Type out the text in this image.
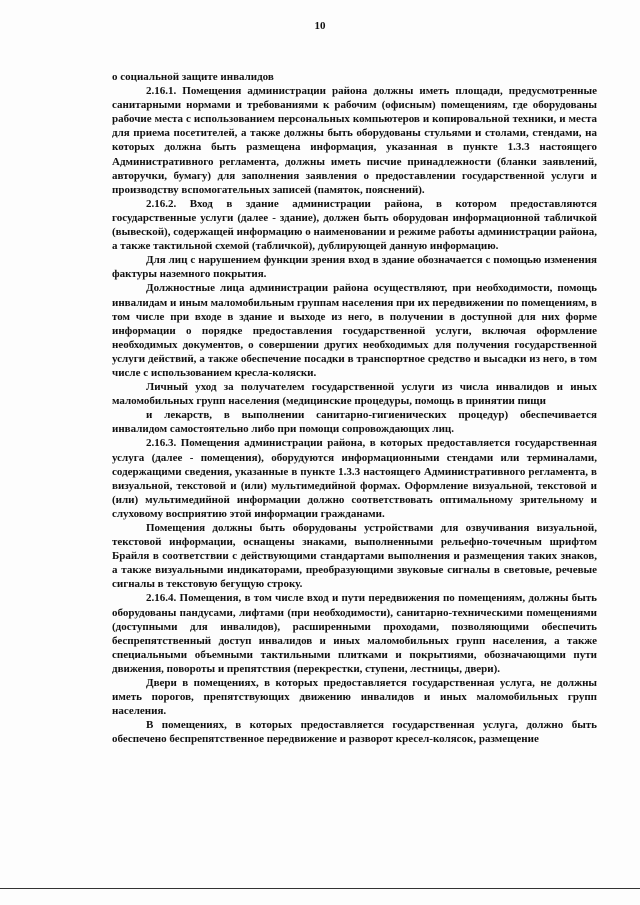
10

о социальной защите инвалидов

2.16.1. Помещения администрации района должны иметь площади, предусмотренные санитарными нормами и требованиями к рабочим (офисным) помещениям, где оборудованы рабочие места с использованием персональных компьютеров и копировальной техники, и места для приема посетителей, а также должны быть оборудованы стульями и столами, стендами, на которых должна быть размещена информация, указанная в пункте 1.3.3 настоящего Административного регламента, должны иметь писчие принадлежности (бланки заявлений, авторучки, бумагу) для заполнения заявления о предоставлении государственной услуги и производству вспомогательных записей (памяток, пояснений).

2.16.2. Вход в здание администрации района, в котором предоставляются государственные услуги (далее - здание), должен быть оборудован информационной табличкой (вывеской), содержащей информацию о наименовании и режиме работы администрации района, а также тактильной схемой (табличкой), дублирующей данную информацию.

Для лиц с нарушением функции зрения вход в здание обозначается с помощью изменения фактуры наземного покрытия.

Должностные лица администрации района осуществляют, при необходимости, помощь инвалидам и иным маломобильным группам населения при их передвижении по помещениям, в том числе при входе в здание и выходе из него, в получении в доступной для них форме информации о порядке предоставления государственной услуги, включая оформление необходимых документов, о совершении других необходимых для получения государственной услуги действий, а также обеспечение посадки в транспортное средство и высадки из него, в том числе с использованием кресла-коляски.

Личный уход за получателем государственной услуги из числа инвалидов и иных маломобильных групп населения (медицинские процедуры, помощь в принятии пищи

и лекарств, в выполнении санитарно-гигиенических процедур) обеспечивается инвалидом самостоятельно либо при помощи сопровождающих лиц.

2.16.3. Помещения администрации района, в которых предоставляется государственная услуга (далее - помещения), оборудуются информационными стендами или терминалами, содержащими сведения, указанные в пункте 1.3.3 настоящего Административного регламента, в визуальной, текстовой и (или) мультимедийной формах. Оформление визуальной, текстовой и (или) мультимедийной информации должно соответствовать оптимальному зрительному и слуховому восприятию этой информации гражданами.

Помещения должны быть оборудованы устройствами для озвучивания визуальной, текстовой информации, оснащены знаками, выполненными рельефно-точечным шрифтом Брайля в соответствии с действующими стандартами выполнения и размещения таких знаков, а также визуальными индикаторами, преобразующими звуковые сигналы в световые, речевые сигналы в текстовую бегущую строку.

2.16.4. Помещения, в том числе вход и пути передвижения по помещениям, должны быть оборудованы пандусами, лифтами (при необходимости), санитарно-техническими помещениями (доступными для инвалидов), расширенными проходами, позволяющими обеспечить беспрепятственный доступ инвалидов и иных маломобильных групп населения, а также специальными объемными тактильными плитками и покрытиями, обозначающими пути движения, повороты и препятствия (перекрестки, ступени, лестницы, двери).

Двери в помещениях, в которых предоставляется государственная услуга, не должны иметь порогов, препятствующих движению инвалидов и иных маломобильных групп населения.

В помещениях, в которых предоставляется государственная услуга, должно быть обеспечено беспрепятственное передвижение и разворот кресел-колясок, размещение
